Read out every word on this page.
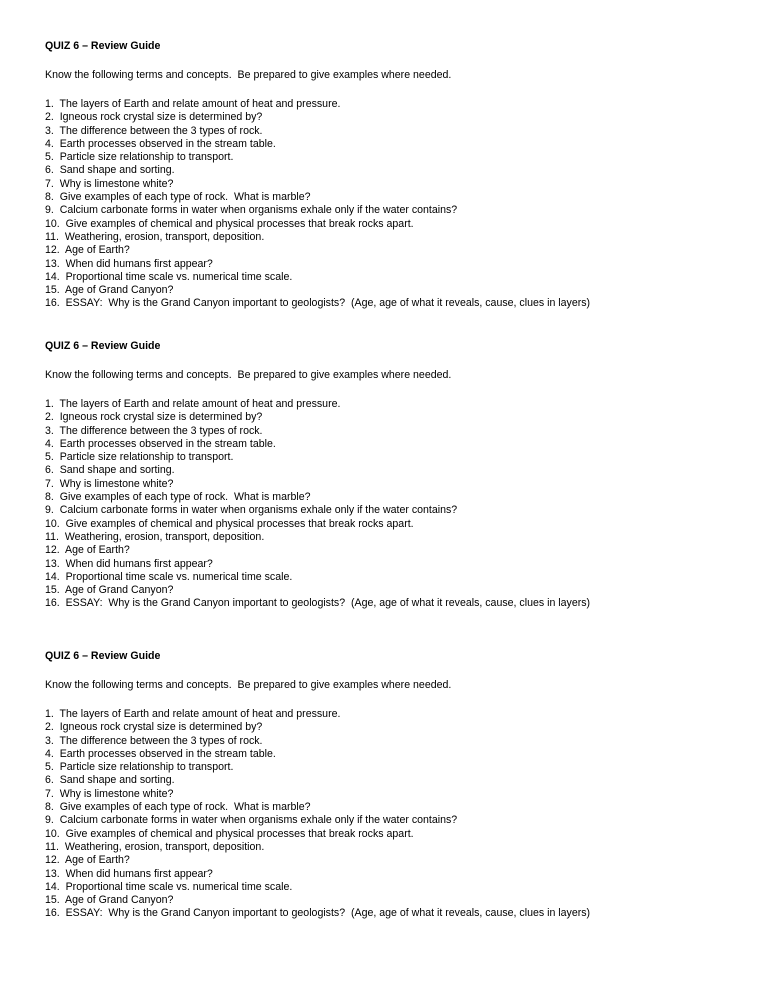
QUIZ 6 – Review Guide
Know the following terms and concepts.  Be prepared to give examples where needed.
1.  The layers of Earth and relate amount of heat and pressure.
2.  Igneous rock crystal size is determined by?
3.  The difference between the 3 types of rock.
4.  Earth processes observed in the stream table.
5.  Particle size relationship to transport.
6.  Sand shape and sorting.
7.  Why is limestone white?
8.  Give examples of each type of rock.  What is marble?
9.  Calcium carbonate forms in water when organisms exhale only if the water contains?
10.  Give examples of chemical and physical processes that break rocks apart.
11.  Weathering, erosion, transport, deposition.
12.  Age of Earth?
13.  When did humans first appear?
14.  Proportional time scale vs. numerical time scale.
15.  Age of Grand Canyon?
16.  ESSAY:  Why is the Grand Canyon important to geologists?  (Age, age of what it reveals, cause, clues in layers)
QUIZ 6 – Review Guide
Know the following terms and concepts.  Be prepared to give examples where needed.
1.  The layers of Earth and relate amount of heat and pressure.
2.  Igneous rock crystal size is determined by?
3.  The difference between the 3 types of rock.
4.  Earth processes observed in the stream table.
5.  Particle size relationship to transport.
6.  Sand shape and sorting.
7.  Why is limestone white?
8.  Give examples of each type of rock.  What is marble?
9.  Calcium carbonate forms in water when organisms exhale only if the water contains?
10.  Give examples of chemical and physical processes that break rocks apart.
11.  Weathering, erosion, transport, deposition.
12.  Age of Earth?
13.  When did humans first appear?
14.  Proportional time scale vs. numerical time scale.
15.  Age of Grand Canyon?
16.  ESSAY:  Why is the Grand Canyon important to geologists?  (Age, age of what it reveals, cause, clues in layers)
QUIZ 6 – Review Guide
Know the following terms and concepts.  Be prepared to give examples where needed.
1.  The layers of Earth and relate amount of heat and pressure.
2.  Igneous rock crystal size is determined by?
3.  The difference between the 3 types of rock.
4.  Earth processes observed in the stream table.
5.  Particle size relationship to transport.
6.  Sand shape and sorting.
7.  Why is limestone white?
8.  Give examples of each type of rock.  What is marble?
9.  Calcium carbonate forms in water when organisms exhale only if the water contains?
10.  Give examples of chemical and physical processes that break rocks apart.
11.  Weathering, erosion, transport, deposition.
12.  Age of Earth?
13.  When did humans first appear?
14.  Proportional time scale vs. numerical time scale.
15.  Age of Grand Canyon?
16.  ESSAY:  Why is the Grand Canyon important to geologists?  (Age, age of what it reveals, cause, clues in layers)
